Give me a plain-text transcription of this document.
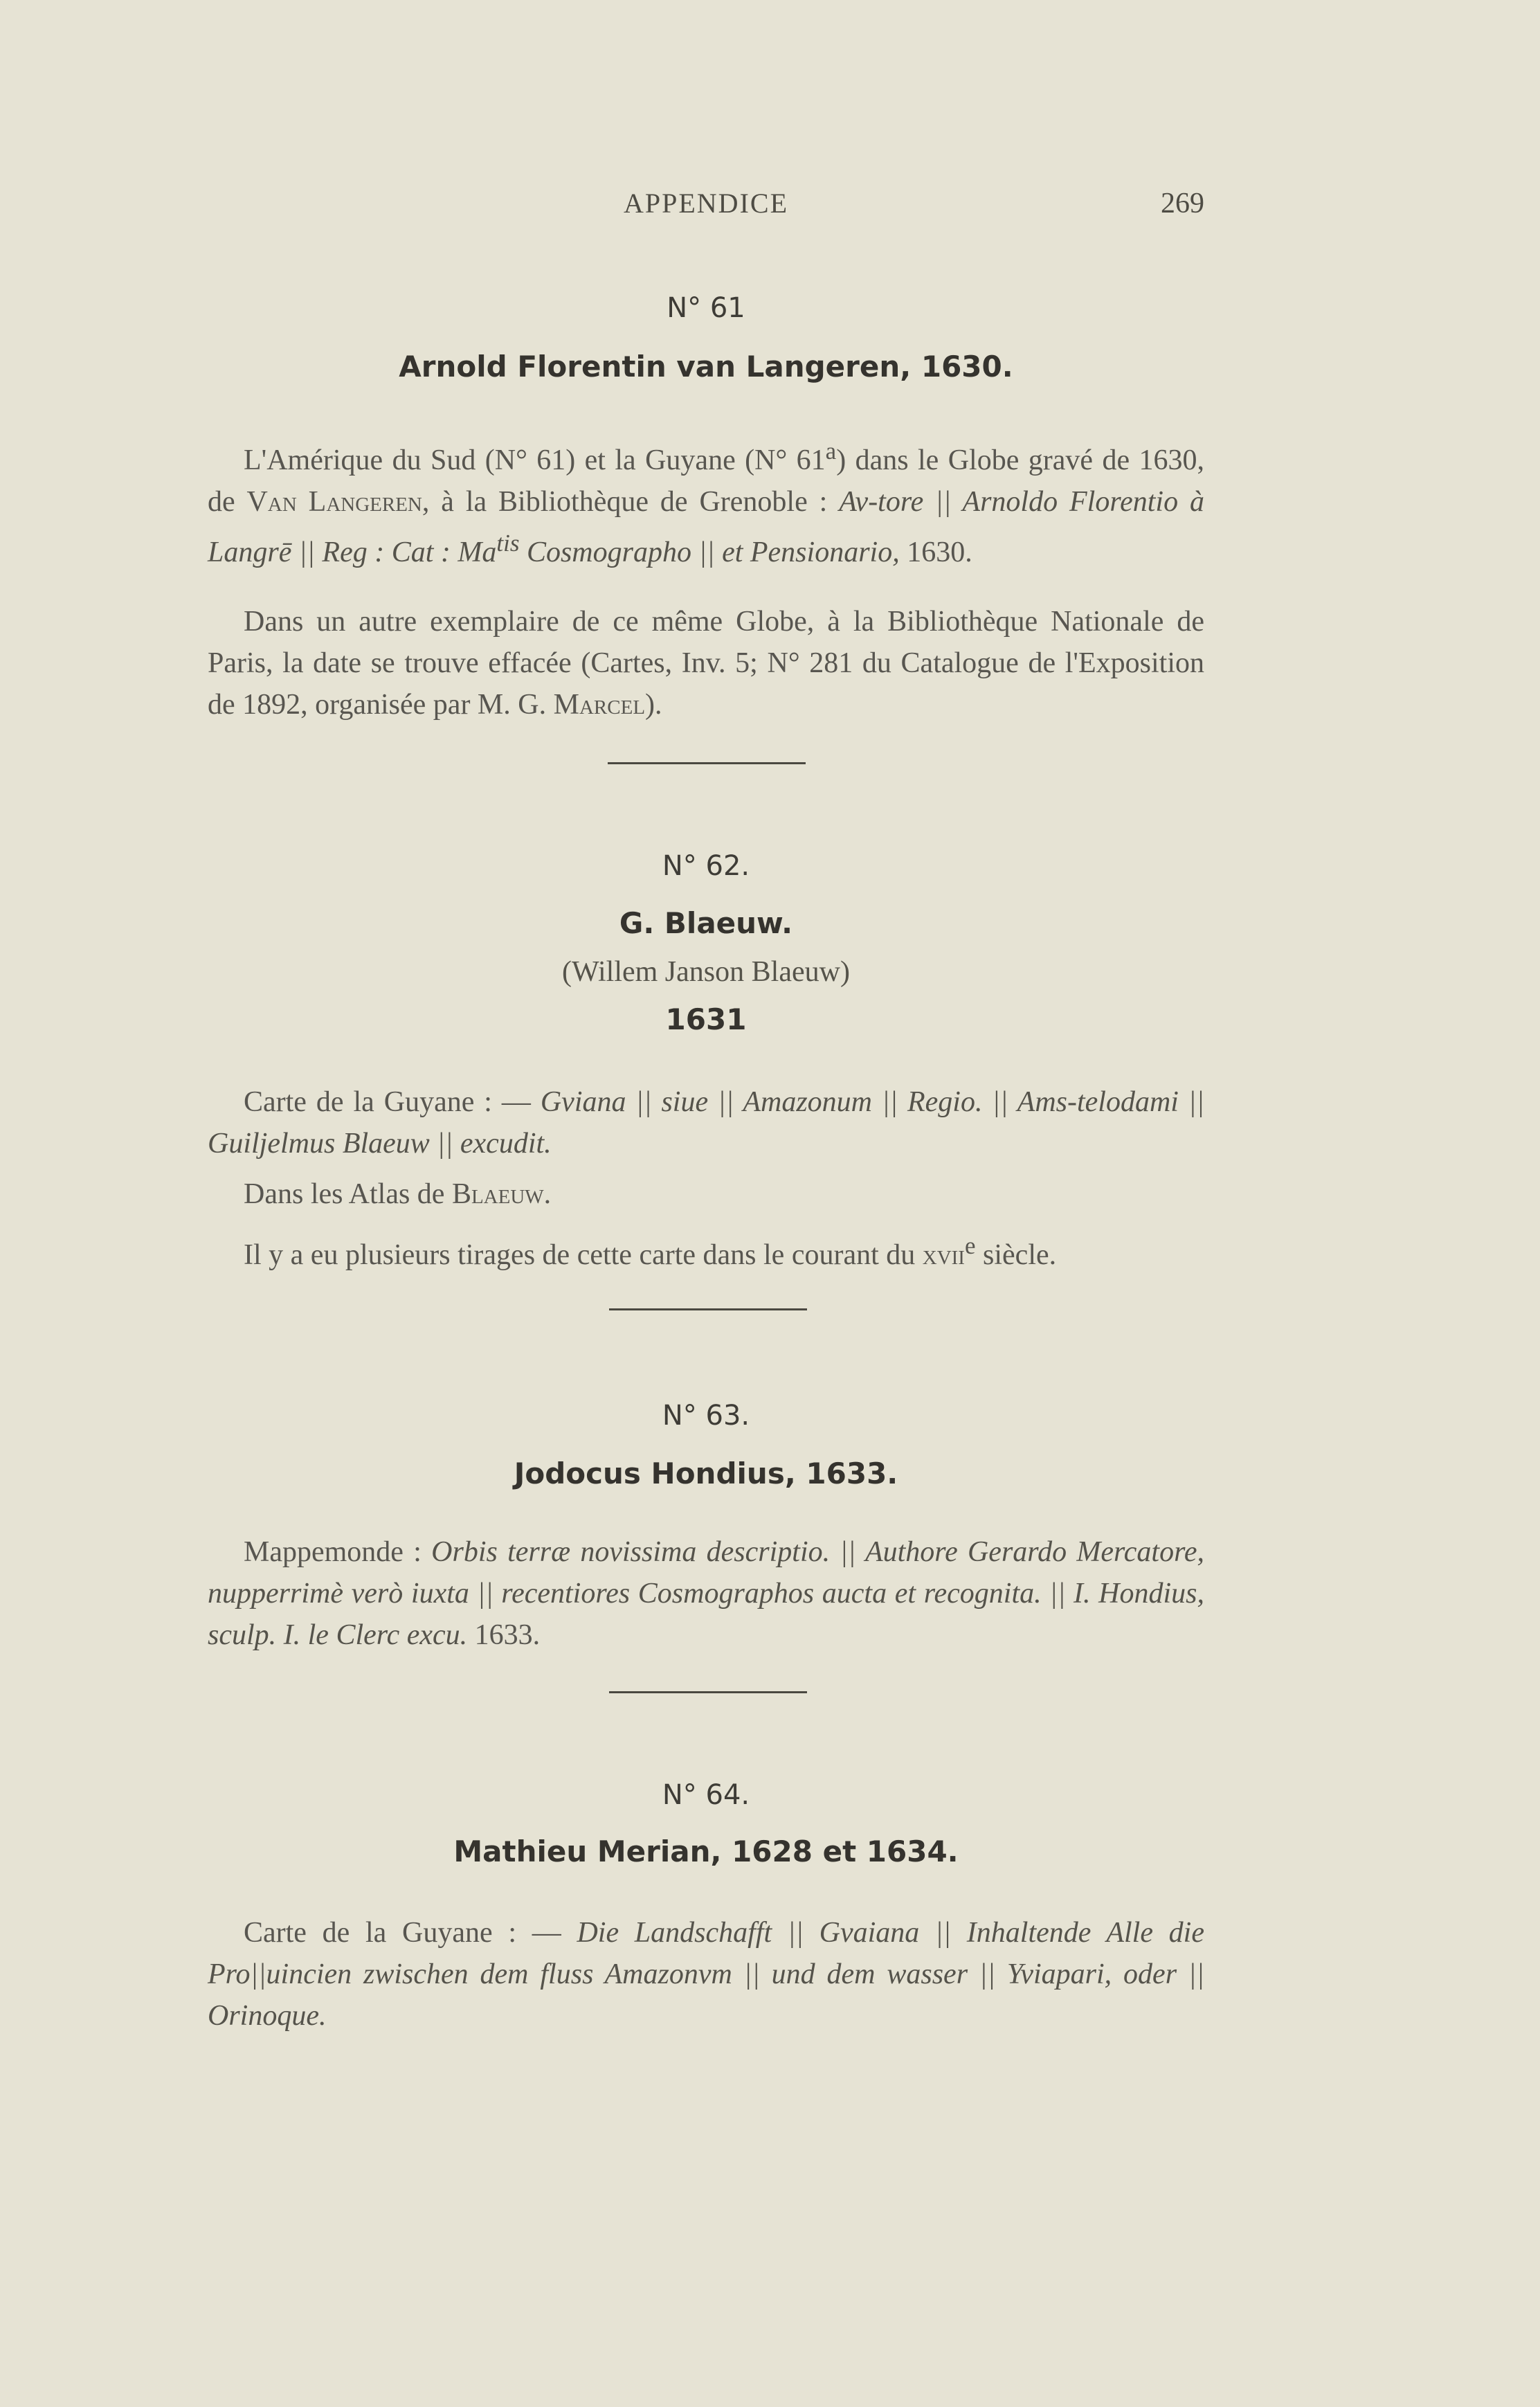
APPENDICE	269
N° 61
Arnold Florentin van Langeren, 1630.

L'Amérique du Sud (N° 61) et la Guyane (N° 61$^a$) dans le Globe gravé de 1630, de Van Langeren, à la Bibliothèque de Grenoble : Av-tore || Arnoldo Florentio à Langrē || Reg : Cat : $Ma^{tis}$ Cosmographo || et Pensionario, 1630.

Dans un autre exemplaire de ce même Globe, à la Bibliothèque Nationale de Paris, la date se trouve effacée (Cartes, Inv. 5; N° 281 du Catalogue de l'Exposition de 1892, organisée par M. G. Marcel).

N° 62.
G. Blaeuw.
(Willem Janson Blaeuw)
1631

Carte de la Guyane : — Gviana || siue || Amazonum || Regio. || Ams-telodami || Guiljelmus Blaeuw || excudit.

Dans les Atlas de Blaeuw.

Il y a eu plusieurs tirages de cette carte dans le courant du xvii$^e$ siècle.

N° 63.
Jodocus Hondius, 1633.

Mappemonde : Orbis terræ novissima descriptio. || Authore Gerardo Mercatore, nupperrimè verò iuxta || recentiores Cosmographos aucta et recognita. || I. Hondius, sculp. I. le Clerc excu. 1633.

N° 64.
Mathieu Merian, 1628 et 1634.

Carte de la Guyane : — Die Landschafft || Gvaiana || Inhaltende Alle die Pro||uincien zwischen dem fluss Amazonvm || und dem wasser || Yviapari, oder || Orinoque.
